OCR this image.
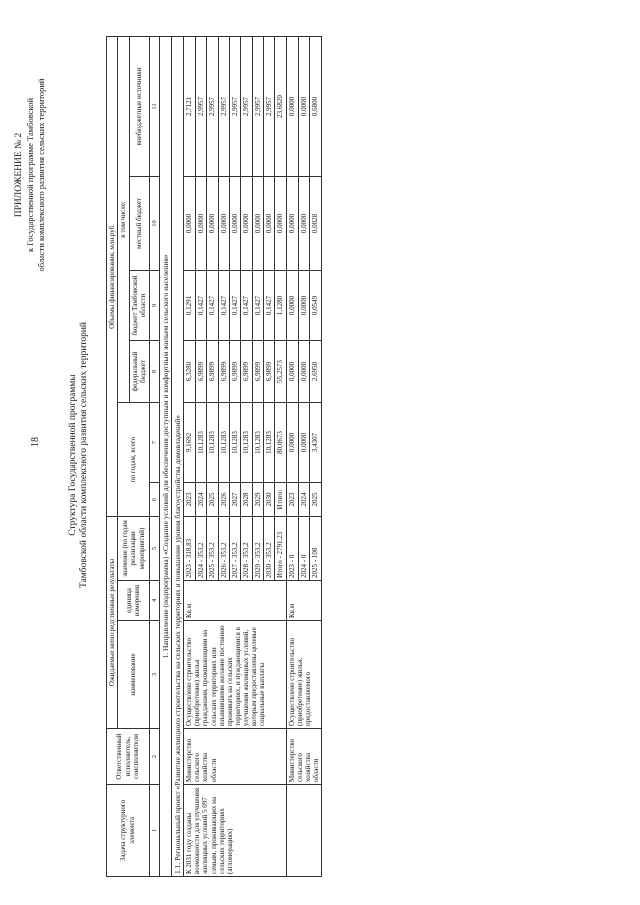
18
ПРИЛОЖЕНИЕ № 2 к Государственной программе Тамбовской области комплексного развития сельских территорий
Структура Государственной программы Тамбовской области комплексного развития сельских территорий
Задача структурного элемента	Ответственный исполнитель, соисполнители	Ожидаемые непосредственные результаты			Объемы финансирования, млн.руб.					
		наименование	единица измерения	значение (по годам реализации мероприятий)	по годам, всего		в том числе:			
							федеральный бюджет	бюджет Тамбовской области	местный бюджет	внебюджетные источники
1	2	3	4	5	6	7	8	9	10	11
1. Направление (подпрограмма) «Создание условий для обеспечения доступным и комфортным жильем сельского населения»										
1.1. Региональный проект «Развитие жилищного строительства на сельских территориях и повышение уровня благоустройства домовладений»										
К 2031 году созданы возможности для улучшения жилищных условий 5 097 семьям, проживающих на сельских территориях (агломерациях)	Министерство сельского хозяйства области	Осуществлено строительство (приобретение) жилья гражданами, проживающими на сельских территориях или изъявившими желание постоянно проживать на сельских территориях, и нуждающимися в улучшении жилищных условий, которым предоставлены целевые социальные выплаты	Кв.м	2023 - 318,83	2023	9,1692	6,3280	0,1291	0,0000	2,7121
				2024 - 353,2	2024	10,1283	6,9899	0,1427	0,0000	2,9957
				2025 - 353,2	2025	10,1283	6,9899	0,1427	0,0000	2,9957
				2026 - 353,2	2026	10,1283	6,9899	0,1427	0,0000	2,9957
				2027 - 353,2	2027	10,1283	6,9899	0,1427	0,0000	2,9957
				2028 - 353,2	2028	10,1283	6,9899	0,1427	0,0000	2,9957
				2029 - 353,2	2029	10,1283	6,9899	0,1427	0,0000	2,9957
				2030 - 353,2	2030	10,1283	6,9899	0,1427	0,0000	2,9957
				Итого - 2791,23	Итого:	80,0673	55,2573	1,1280	0,0000	23,6820
	Министерство сельского хозяйства области	Осуществлено строительство (приобретение) жилья, предоставляемого	Кв.м	2023 - 0	2023	0,0000	0,0000	0,0000	0,0000	0,0000
				2024 - 0	2024	0,0000	0,0000	0,0000	0,0000	0,0000
				2025 - 108	2025	3,4307	2,6950	0,0549	0,0028	0,6800
